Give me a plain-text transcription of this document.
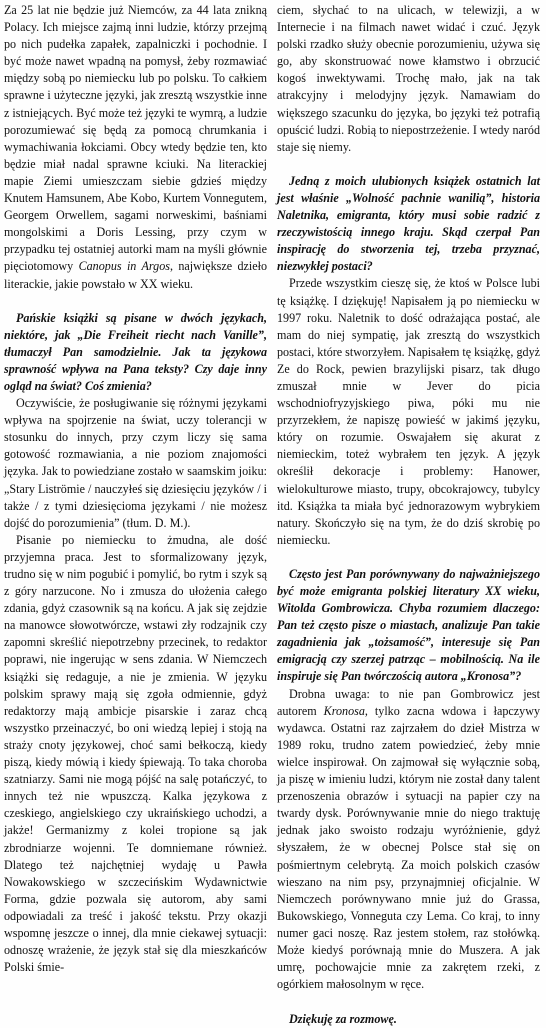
Za 25 lat nie będzie już Niemców, za 44 lata znikną Polacy. Ich miejsce zajmą inni ludzie, którzy przejmą po nich pudełka zapałek, zapalniczki i pochodnie. I być może nawet wpadną na pomysł, żeby rozmawiać między sobą po niemiecku lub po polsku. To całkiem sprawne i użyteczne języki, jak zresztą wszystkie inne z istniejących. Być może też języki te wymrą, a ludzie porozumiewać się będą za pomocą chrumkania i wymachiwania łokciami. Obcy wtedy będzie ten, kto będzie miał nadal sprawne kciuki. Na literackiej mapie Ziemi umieszczam siebie gdzieś między Knutem Hamsunem, Abe Kobo, Kurtem Vonnegutem, Georgem Orwellem, sagami norweskimi, baśniami mongolskimi a Doris Lessing, przy czym w przypadku tej ostatniej autorki mam na myśli głównie pięciotomowy Canopus in Argos, największe dzieło literackie, jakie powstało w XX wieku.

Pańskie książki są pisane w dwóch językach, niektóre, jak „Die Freiheit riecht nach Vanille”, tłumaczył Pan samodzielnie. Jak ta językowa sprawność wpływa na Pana teksty? Czy daje inny ogląd na świat? Coś zmienia?

Oczywiście, że posługiwanie się różnymi językami wpływa na spojrzenie na świat, uczy tolerancji w stosunku do innych, przy czym liczy się sama gotowość rozmawiania, a nie poziom znajomości języka. Jak to powiedziane zostało w saamskim joiku: „Stary Liströmie / nauczyłeś się dziesięciu języków / i także / z tymi dziesięcioma językami / nie możesz dojść do porozumienia” (tłum. D. M.).

Pisanie po niemiecku to żmudna, ale dość przyjemna praca. Jest to sformalizowany język, trudno się w nim pogubić i pomylić, bo rytm i szyk są z góry narzucone. No i zmusza do ułożenia całego zdania, gdyż czasownik są na końcu. A jak się zejdzie na manowce słowotwórcze, wstawi zły rodzajnik czy zapomni skreślić niepotrzebny przecinek, to redaktor poprawi, nie ingerując w sens zdania. W Niemczech książki się redaguje, a nie je zmienia. W języku polskim sprawy mają się zgoła odmiennie, gdyż redaktorzy mają ambicje pisarskie i zaraz chcą wszystko przeinaczyć, bo oni wiedzą lepiej i stoją na straży cnoty językowej, choć sami bełkoczą, kiedy piszą, kiedy mówią i kiedy śpiewają. To taka choroba szatniarzy. Sami nie mogą pójść na salę potańczyć, to innych też nie wpuszczą. Kalka językowa z czeskiego, angielskiego czy ukraińskiego uchodzi, a jakże! Germanizmy z kolei tropione są jak zbrodniarze wojenni. Te domniemane również. Dlatego też najchętniej wydaję u Pawła Nowakowskiego w szczecińskim Wydawnictwie Forma, gdzie pozwala się autorom, aby sami odpowiadali za treść i jakość tekstu. Przy okazji wspomnę jeszcze o innej, dla mnie ciekawej sytuacji: odnoszę wrażenie, że język stał się dla mieszkańców Polski śmie-

ciem, słychać to na ulicach, w telewizji, a w Internecie i na filmach nawet widać i czuć. Język polski rzadko służy obecnie porozumieniu, używa się go, aby skonstruować nowe kłamstwo i obrzucić kogoś inwektywami. Trochę mało, jak na tak atrakcyjny i melodyjny język. Namawiam do większego szacunku do języka, bo języki też potrafią opuścić ludzi. Robią to niepostrzeżenie. I wtedy naród staje się niemy.

Jedną z moich ulubionych książek ostatnich lat jest właśnie „Wolność pachnie wanilią”, historia Naletnika, emigranta, który musi sobie radzić z rzeczywistością innego kraju. Skąd czerpał Pan inspirację do stworzenia tej, trzeba przyznać, niezwykłej postaci?

Przede wszystkim cieszę się, że ktoś w Polsce lubi tę książkę. I dziękuję! Napisałem ją po niemiecku w 1997 roku. Naletnik to dość odrażająca postać, ale mam do niej sympatię, jak zresztą do wszystkich postaci, które stworzyłem. Napisałem tę książkę, gdyż Ze do Rock, pewien brazylijski pisarz, tak długo zmuszał mnie w Jever do picia wschodniofryzyjskiego piwa, póki mu nie przyrzekłem, że napiszę powieść w jakimś języku, który on rozumie. Oswajałem się akurat z niemieckim, toteż wybrałem ten język. A język określił dekoracje i problemy: Hanower, wielokulturowe miasto, trupy, obcokrajowcy, tubylcy itd. Książka ta miała być jednorazowym wybrykiem natury. Skończyło się na tym, że do dziś skrobię po niemiecku.

Często jest Pan porównywany do najważniejszego być może emigranta polskiej literatury XX wieku, Witolda Gombrowicza. Chyba rozumiem dlaczego: Pan też często pisze o miastach, analizuje Pan takie zagadnienia jak „tożsamość”, interesuje się Pan emigracją czy szerzej patrząc – mobilnością. Na ile inspiruje się Pan twórczością autora „Kronosa”?

Drobna uwaga: to nie pan Gombrowicz jest autorem Kronosa, tylko zacna wdowa i łapczywy wydawca. Ostatni raz zajrzałem do dzieł Mistrza w 1989 roku, trudno zatem powiedzieć, żeby mnie wielce inspirował. On zajmował się wyłącznie sobą, ja piszę w imieniu ludzi, którym nie został dany talent przenoszenia obrazów i sytuacji na papier czy na twardy dysk. Porównywanie mnie do niego traktuję jednak jako swoisto rodzaju wyróżnienie, gdyż słyszałem, że w obecnej Polsce stał się on pośmiertnym celebrytą. Za moich polskich czasów wieszano na nim psy, przynajmniej oficjalnie. W Niemczech porównywano mnie już do Grassa, Bukowskiego, Vonneguta czy Lema. Co kraj, to inny numer gaci noszę. Raz jestem stołem, raz stołówką. Może kiedyś porównają mnie do Muszera. A jak umrę, pochowajcie mnie za zakrętem rzeki, z ogórkiem małosolnym w ręce.

Dziękuję za rozmowę.
